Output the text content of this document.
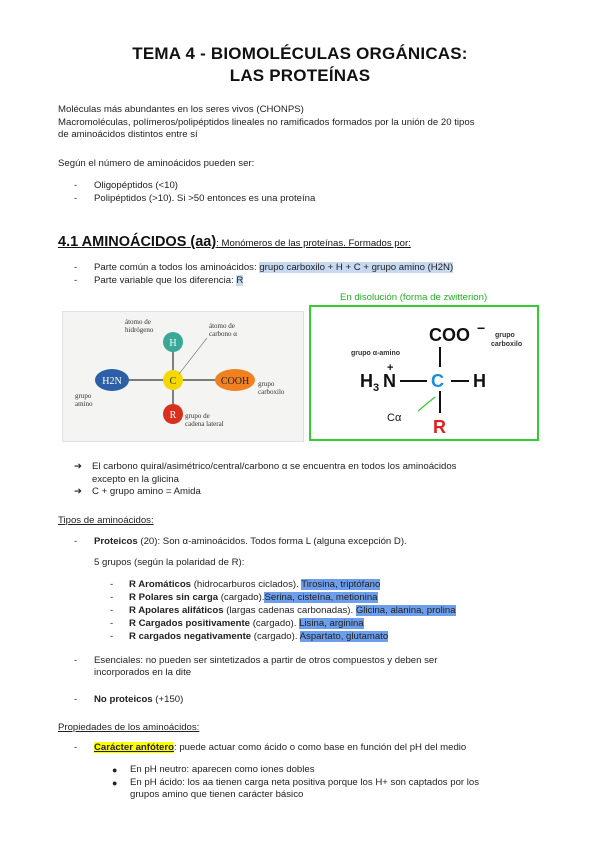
TEMA 4 - BIOMOLÉCULAS ORGÁNICAS:
LAS PROTEÍNAS
Moléculas más abundantes en los seres vivos (CHONPS)
Macromoléculas, polímeros/polipéptidos lineales no ramificados formados por la unión de 20 tipos
de aminoácidos distintos entre sí
Según el número de aminoácidos pueden ser:
- Oligopéptidos (<10)
- Polipéptidos (>10). Si >50 entonces es una proteína
4.1 AMINOÁCIDOS (aa): Monómeros de las proteínas. Formados por:
- Parte común a todos los aminoácidos: grupo carboxilo + H + C + grupo amino (H2N)
- Parte variable que los diferencia: R
En disolución (forma de zwitterion)
H
C
R
H2N	COOH
átomo de
hidrógeno	átomo de
carbono α
grupo
amino
grupo
carboxilo
grupo de
cadena lateral
COO − grupo
carboxilo
grupo α-amino
H 3 N
+
C H
Cα R
➔ El carbono quiral/asimétrico/central/carbono α se encuentra en todos los aminoácidos
excepto en la glicina
➔ C + grupo amino = Amida
Tipos de aminoácidos:
- Proteicos (20): Son α-aminoácidos. Todos forma L (alguna excepción D).
5 grupos (según la polaridad de R):
- R Aromáticos (hidrocarburos ciclados). Tirosina, triptófano
- R Polares sin carga (cargado).Serina, cisteína, metionina
- R Apolares alifáticos (largas cadenas carbonadas). Glicina, alanina, prolina
- R Cargados positivamente (cargado). Lisina, arginina
- R cargados negativamente (cargado). Aspartato, glutamato
- Esenciales: no pueden ser sintetizados a partir de otros compuestos y deben ser
incorporados en la dite
- No proteicos (+150)
Propiedades de los aminoácidos:
- Carácter anfótero: puede actuar como ácido o como base en función del pH del medio
● En pH neutro: aparecen como iones dobles
● En pH ácido: los aa tienen carga neta positiva porque los H+ son captados por los
grupos amino que tienen carácter básico
